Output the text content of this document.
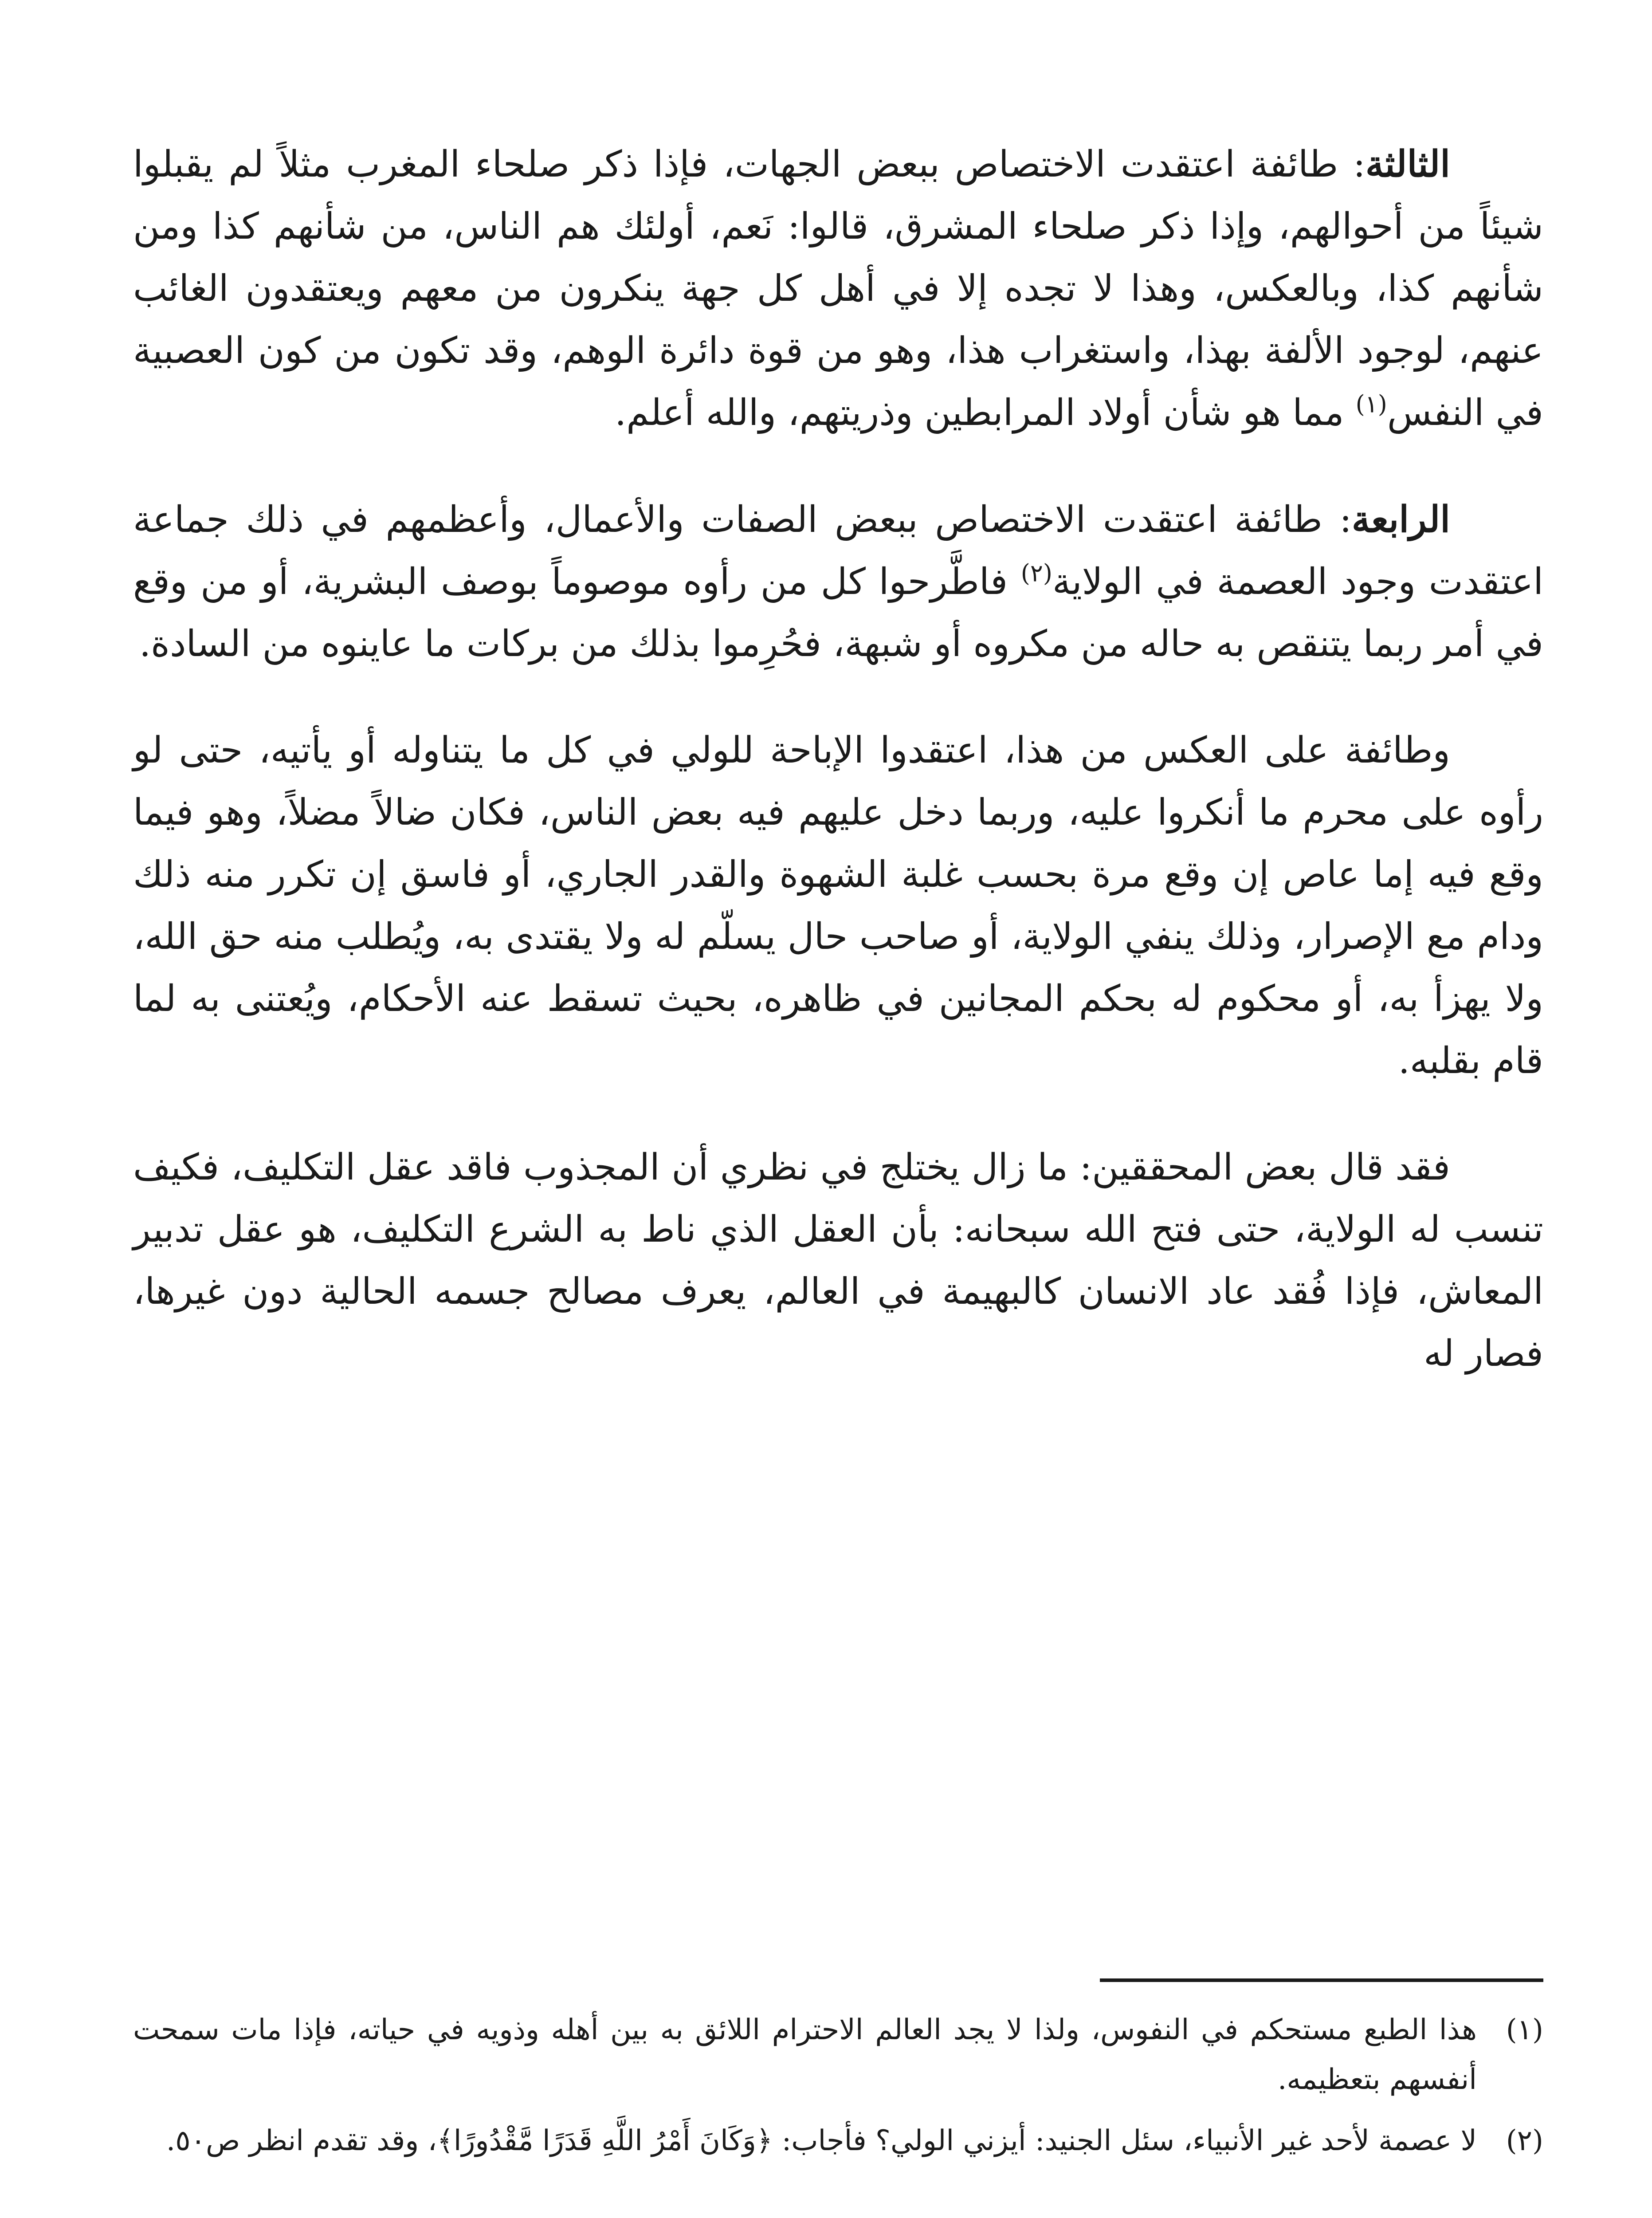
الثالثة: طائفة اعتقدت الاختصاص ببعض الجهات، فإذا ذكر صلحاء المغرب مثلاً لم يقبلوا شيئاً من أحوالهم، وإذا ذكر صلحاء المشرق، قالوا: نَعم، أولئك هم الناس، من شأنهم كذا ومن شأنهم كذا، وبالعكس، وهذا لا تجده إلا في أهل كل جهة ينكرون من معهم ويعتقدون الغائب عنهم، لوجود الألفة بهذا، واستغراب هذا، وهو من قوة دائرة الوهم، وقد تكون من كون العصبية في النفس$^{(١)}$ مما هو شأن أولاد المرابطين وذريتهم، والله أعلم.

الرابعة: طائفة اعتقدت الاختصاص ببعض الصفات والأعمال، وأعظمهم في ذلك جماعة اعتقدت وجود العصمة في الولاية$^{(٢)}$ فاطَّرحوا كل من رأوه موصوماً بوصف البشرية، أو من وقع في أمر ربما يتنقص به حاله من مكروه أو شبهة، فحُرِموا بذلك من بركات ما عاينوه من السادة.

وطائفة على العكس من هذا، اعتقدوا الإباحة للولي في كل ما يتناوله أو يأتيه، حتى لو رأوه على محرم ما أنكروا عليه، وربما دخل عليهم فيه بعض الناس، فكان ضالاً مضلاً، وهو فيما وقع فيه إما عاص إن وقع مرة بحسب غلبة الشهوة والقدر الجاري، أو فاسق إن تكرر منه ذلك ودام مع الإصرار، وذلك ينفي الولاية، أو صاحب حال يسلّم له ولا يقتدى به، ويُطلب منه حق الله، ولا يهزأ به، أو محكوم له بحكم المجانين في ظاهره، بحيث تسقط عنه الأحكام، ويُعتنى به لما قام بقلبه.

فقد قال بعض المحققين: ما زال يختلج في نظري أن المجذوب فاقد عقل التكليف، فكيف تنسب له الولاية، حتى فتح الله سبحانه: بأن العقل الذي ناط به الشرع التكليف، هو عقل تدبير المعاش، فإذا فُقد عاد الانسان كالبهيمة في العالم، يعرف مصالح جسمه الحالية دون غيرها، فصار له

(١)
هذا الطبع مستحكم في النفوس، ولذا لا يجد العالم الاحترام اللائق به بين أهله وذويه في حياته، فإذا مات سمحت أنفسهم بتعظيمه.
(٢)
لا عصمة لأحد غير الأنبياء، سئل الجنيد: أيزني الولي؟ فأجاب: ﴿وَكَانَ أَمْرُ اللَّهِ قَدَرًا مَّقْدُورًا﴾، وقد تقدم انظر ص٥٠.
